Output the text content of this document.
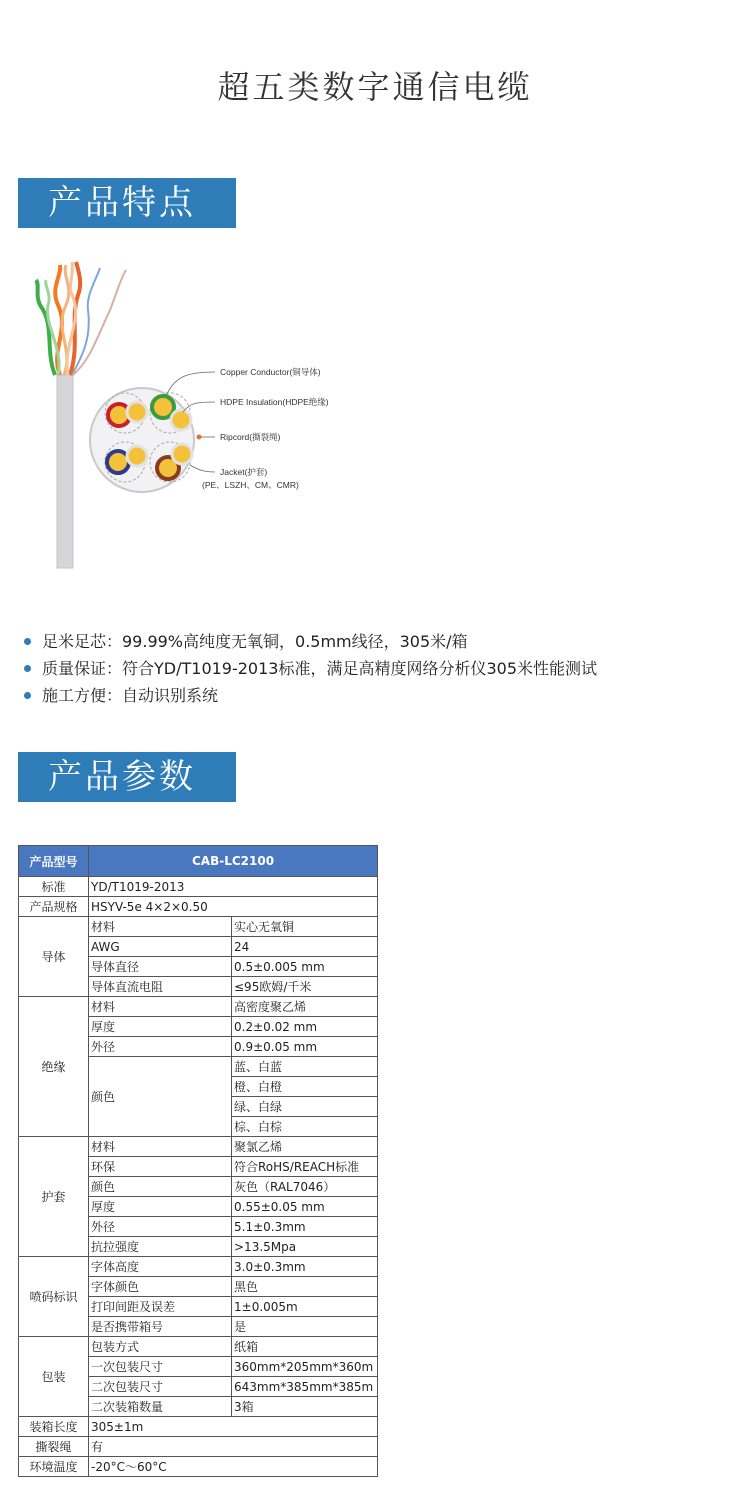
超五类数字通信电缆
产品特点
Copper Conductor(铜导体)
HDPE Insulation(HDPE绝缘)
Ripcord(撕裂绳)
Jacket(护套)
(PE、LSZH、CM、CMR)
足米足芯：99.99%高纯度无氧铜，0.5mm线径，305米/箱
质量保证：符合YD/T1019-2013标准，满足高精度网络分析仪305米性能测试
施工方便：自动识别系统
产品参数
产品型号	CAB-LC2100	
标准	YD/T1019-2013	
产品规格	HSYV-5e 4×2×0.50	
导体	材料	实心无氧铜
	AWG	24
	导体直径	0.5±0.005 mm
	导体直流电阻	≤95欧姆/千米
绝缘	材料	高密度聚乙烯
	厚度	0.2±0.02 mm
	外径	0.9±0.05 mm
	颜色	蓝、白蓝
		橙、白橙
		绿、白绿
		棕、白棕
护套	材料	聚氯乙烯
	环保	符合RoHS/REACH标准
	颜色	灰色（RAL7046）
	厚度	0.55±0.05 mm
	外径	5.1±0.3mm
	抗拉强度	>13.5Mpa
喷码标识	字体高度	3.0±0.3mm
	字体颜色	黑色
	打印间距及误差	1±0.005m
	是否携带箱号	是
包装	包装方式	纸箱
	一次包装尺寸	360mm*205mm*360m
	二次包装尺寸	643mm*385mm*385m
	二次装箱数量	3箱
装箱长度	305±1m	
撕裂绳	有	
环境温度	-20°C～60°C	
